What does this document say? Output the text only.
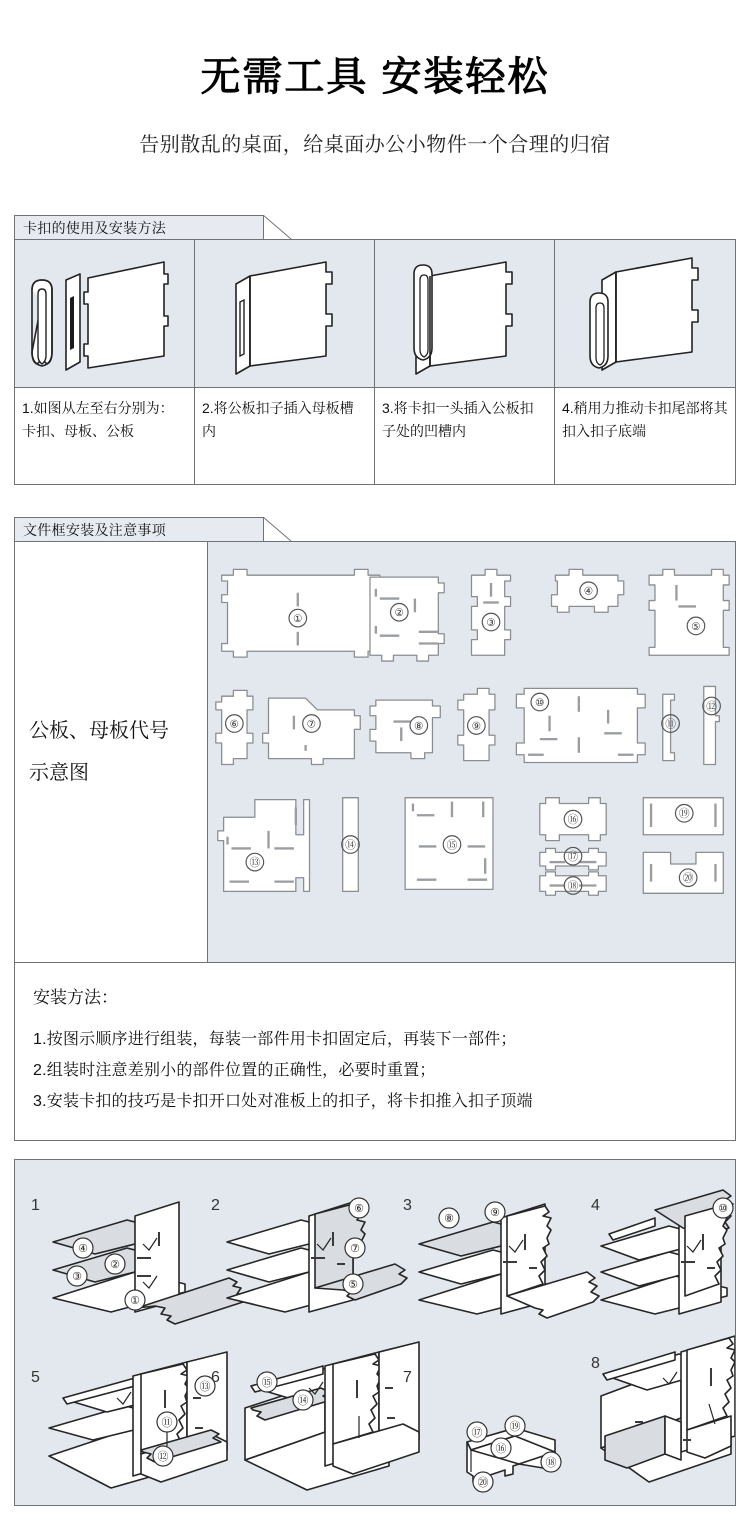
无需工具 安装轻松
告别散乱的桌面，给桌面办公小物件一个合理的归宿
卡扣的使用及安装方法
1.如图从左至右分别为：卡扣、母板、公板
2.将公板扣子插入母板槽内
3.将卡扣一头插入公板扣子处的凹槽内
4.稍用力推动卡扣尾部将其扣入扣子底端
文件框安装及注意事项
公板、母板代号
示意图
①	②
③
④
⑤
⑥	⑦	⑧	⑨
⑩
⑪
⑫
⑬
⑭	⑮
⑯
⑰
⑱
⑲
⑳
安装方法：
1.按图示顺序进行组装，每装一部件用卡扣固定后，再装下一部件；
2.组装时注意差别小的部件位置的正确性，必要时重置；
3.安装卡扣的技巧是卡扣开口处对准板上的扣子，将卡扣推入扣子顶端
1
④
③
②
①
2	⑥
⑦
⑤
3
⑧	⑨	4	⑩
5
⑪
⑫
⑬
6	⑮
⑭
7
⑰ ⑲
⑯
⑱
⑳
8
